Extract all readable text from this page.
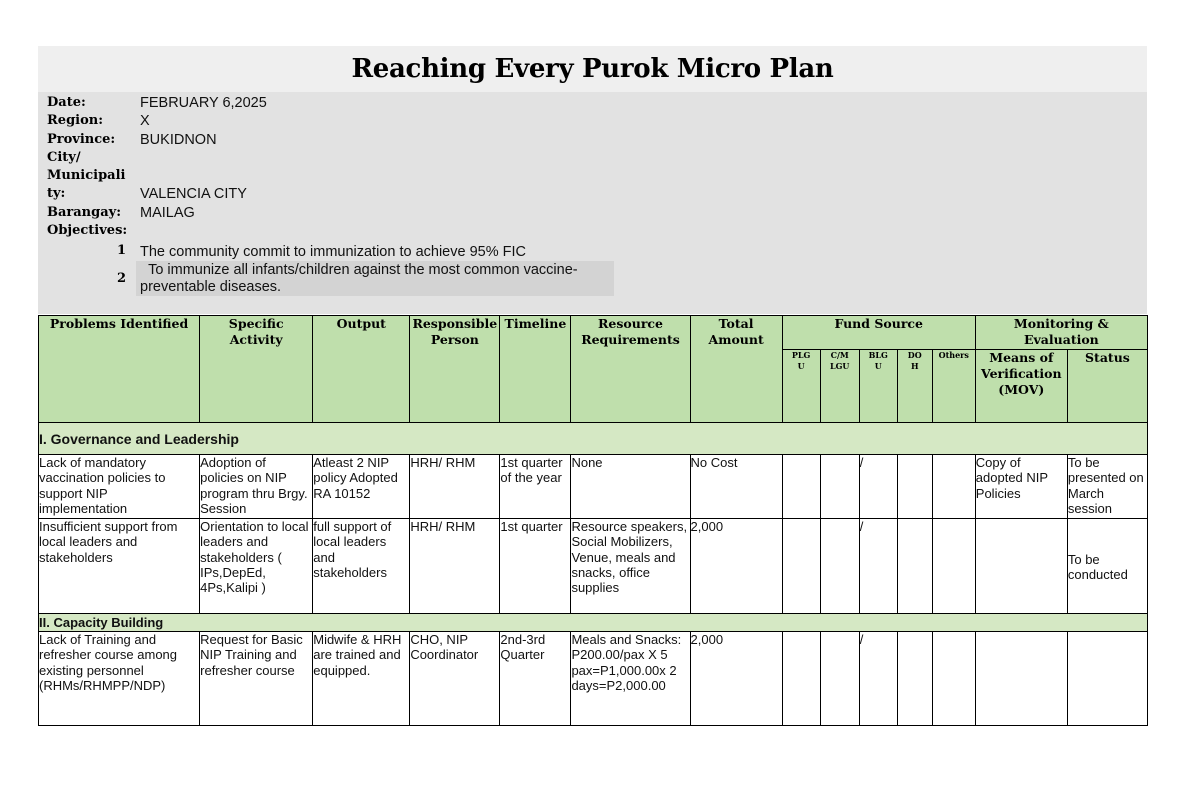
Reaching Every Purok Micro Plan
Date:	FEBRUARY 6,2025
Region:	X
Province: BUKIDNON
City/
Municipali
ty:	VALENCIA CITY
Barangay: MAILAG
Objectives:
1 The community commit to immunization to achieve 95% FIC
2
To immunize all infants/children against the most common vaccine-preventable diseases.
Problems Identified	Specific Activity	Output	Responsible Person	Timeline	Resource Requirements	Total Amount	Fund Source					Monitoring & Evaluation	
							PLGU	C/MLGU	BLGU	DOH	Others	Means of Verification (MOV)	Status
I. Governance and Leadership													
Lack of mandatory vaccination policies to support NIP implementation	Adoption of policies on NIP program thru Brgy. Session	Atleast 2 NIP policy Adopted RA 10152	HRH/ RHM	1st quarter of the year	None	No Cost			/			Copy of adopted NIP Policies	To be presented on March session
Insufficient support from local leaders and stakeholders	Orientation to local leaders and stakeholders ( IPs,DepEd, 4Ps,Kalipi )	full support of local leaders and stakeholders	HRH/ RHM	1st quarter	Resource speakers, Social Mobilizers, Venue, meals and snacks, office supplies	2,000			/				To be conducted
II. Capacity Building													
Lack of Training and refresher course among existing personnel (RHMs/RHMPP/NDP)	Request for Basic NIP Training and refresher course	Midwife & HRH are trained and equipped.	CHO, NIP Coordinator	2nd-3rd Quarter	Meals and Snacks: P200.00/pax X 5 pax=P1,000.00x 2 days=P2,000.00	2,000			/				
